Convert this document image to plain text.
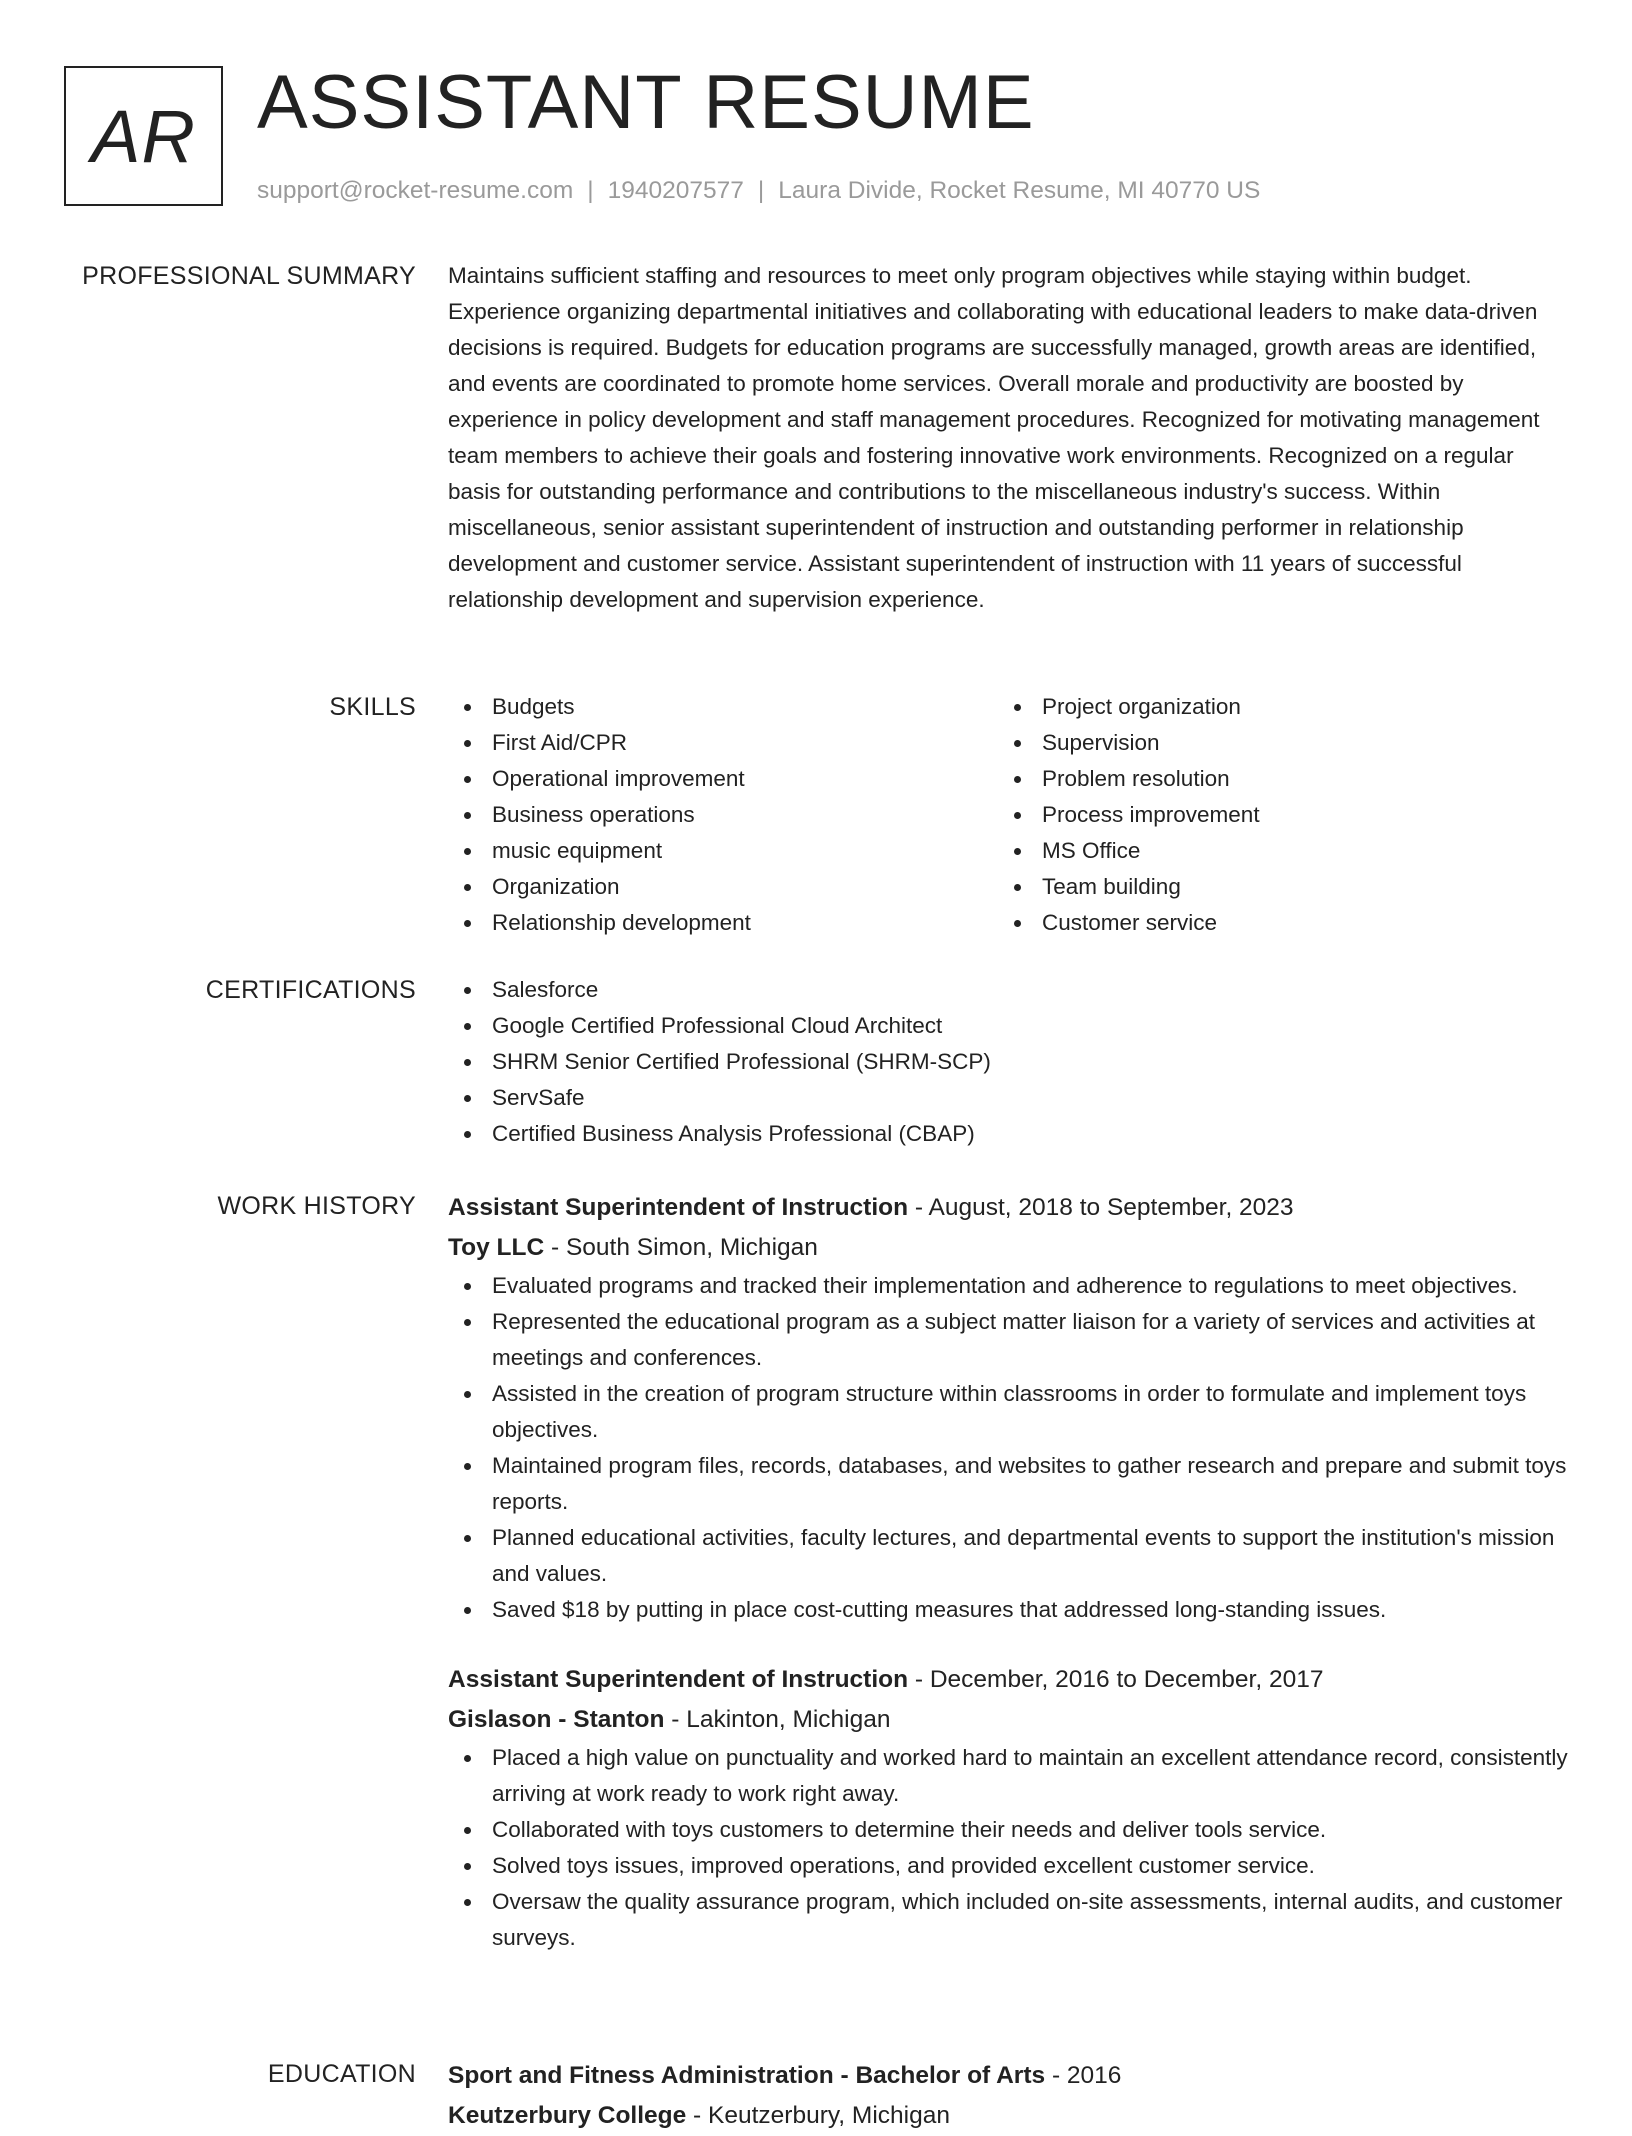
AR ASSISTANT RESUME
support@rocket-resume.com | 1940207577 | Laura Divide, Rocket Resume, MI 40770 US
PROFESSIONAL SUMMARY Maintains sufficient staffing and resources to meet only program objectives while staying within budget. Experience organizing departmental initiatives and collaborating with educational leaders to make data-driven decisions is required. Budgets for education programs are successfully managed, growth areas are identified, and events are coordinated to promote home services. Overall morale and productivity are boosted by experience in policy development and staff management procedures. Recognized for motivating management team members to achieve their goals and fostering innovative work environments. Recognized on a regular basis for outstanding performance and contributions to the miscellaneous industry's success. Within miscellaneous, senior assistant superintendent of instruction and outstanding performer in relationship development and customer service. Assistant superintendent of instruction with 11 years of successful relationship development and supervision experience.

SKILLS	Budgets
First Aid/CPR
Operational improvement
Business operations
music equipment
Organization
Relationship development
Project organization
Supervision
Problem resolution
Process improvement
MS Office
Team building
Customer service
CERTIFICATIONS	Salesforce
Google Certified Professional Cloud Architect
SHRM Senior Certified Professional (SHRM-SCP)
ServSafe
Certified Business Analysis Professional (CBAP)
WORK HISTORY Assistant Superintendent of Instruction - August, 2018 to September, 2023
Toy LLC - South Simon, Michigan
Evaluated programs and tracked their implementation and adherence to regulations to meet objectives.
Represented the educational program as a subject matter liaison for a variety of services and activities at meetings and conferences.
Assisted in the creation of program structure within classrooms in order to formulate and implement toys objectives.
Maintained program files, records, databases, and websites to gather research and prepare and submit toys reports.
Planned educational activities, faculty lectures, and departmental events to support the institution's mission and values.
Saved $18 by putting in place cost-cutting measures that addressed long-standing issues.
Assistant Superintendent of Instruction - December, 2016 to December, 2017
Gislason - Stanton - Lakinton, Michigan
Placed a high value on punctuality and worked hard to maintain an excellent attendance record, consistently arriving at work ready to work right away.
Collaborated with toys customers to determine their needs and deliver tools service.
Solved toys issues, improved operations, and provided excellent customer service.
Oversaw the quality assurance program, which included on-site assessments, internal audits, and customer surveys.
EDUCATION Sport and Fitness Administration - Bachelor of Arts - 2016
Keutzerbury College - Keutzerbury, Michigan
